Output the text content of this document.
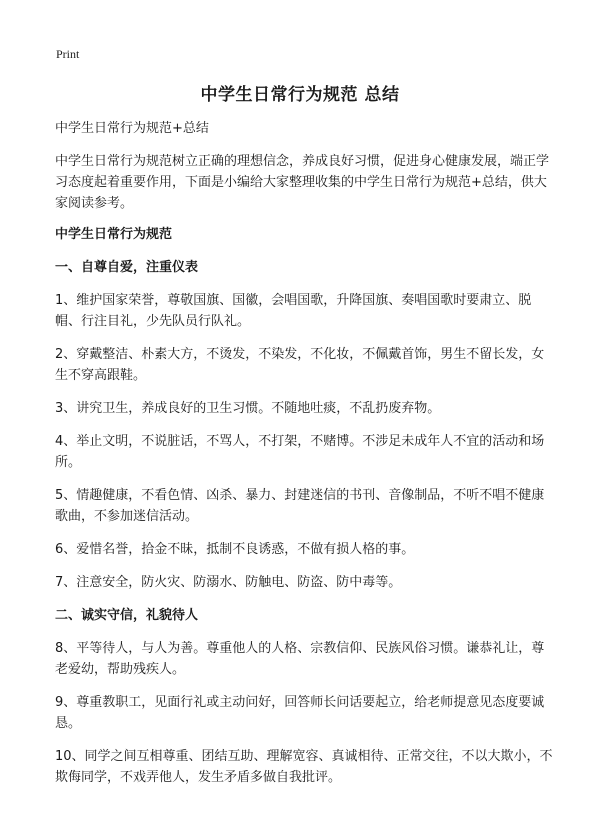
Print
中学生日常行为规范 总结

中学生日常行为规范+总结

中学生日常行为规范树立正确的理想信念，养成良好习惯，促进身心健康发展，端正学习态度起着重要作用，下面是小编给大家整理收集的中学生日常行为规范+总结，供大家阅读参考。

中学生日常行为规范
一、自尊自爱，注重仪表

1、维护国家荣誉，尊敬国旗、国徽，会唱国歌，升降国旗、奏唱国歌时要肃立、脱帽、行注目礼，少先队员行队礼。

2、穿戴整洁、朴素大方，不烫发，不染发，不化妆，不佩戴首饰，男生不留长发，女生不穿高跟鞋。

3、讲究卫生，养成良好的卫生习惯。不随地吐痰，不乱扔废弃物。

4、举止文明，不说脏话，不骂人，不打架，不赌博。不涉足未成年人不宜的活动和场所。

5、情趣健康，不看色情、凶杀、暴力、封建迷信的书刊、音像制品，不听不唱不健康歌曲，不参加迷信活动。

6、爱惜名誉，拾金不昧，抵制不良诱惑，不做有损人格的事。

7、注意安全，防火灾、防溺水、防触电、防盗、防中毒等。

二、诚实守信，礼貌待人

8、平等待人，与人为善。尊重他人的人格、宗教信仰、民族风俗习惯。谦恭礼让，尊老爱幼，帮助残疾人。

9、尊重教职工，见面行礼或主动问好，回答师长问话要起立，给老师提意见态度要诚恳。

10、同学之间互相尊重、团结互助、理解宽容、真诚相待、正常交往，不以大欺小，不欺侮同学，不戏弄他人，发生矛盾多做自我批评。
